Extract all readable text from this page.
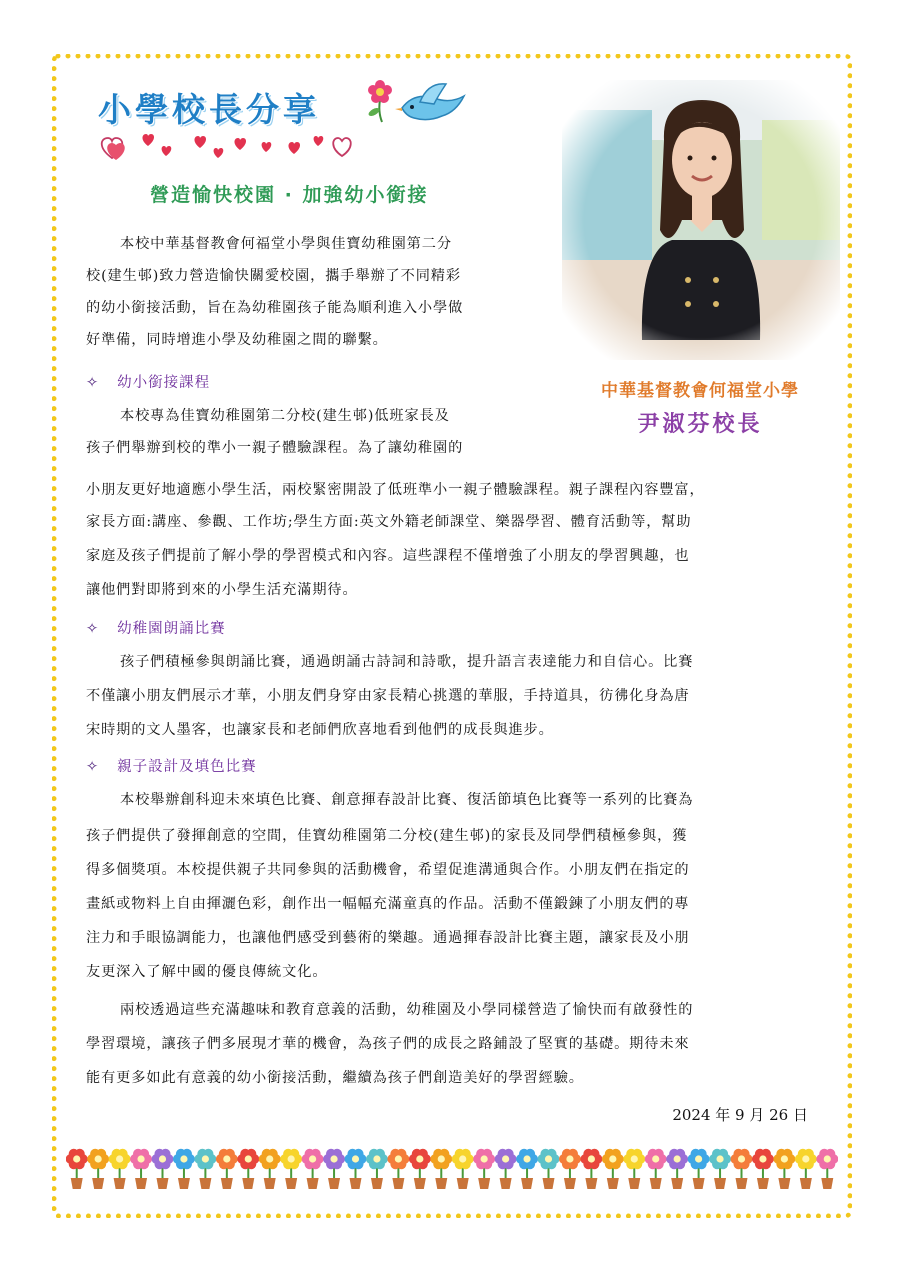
小學校長分享
營造愉快校園 · 加強幼小銜接

中華基督教會何福堂小學

尹淑芬校長

本校中華基督教會何福堂小學與佳寶幼稚園第二分

校(建生邨)致力營造愉快關愛校園，攜手舉辦了不同精彩

的幼小銜接活動，旨在為幼稚園孩子能為順利進入小學做

好準備，同時增進小學及幼稚園之間的聯繫。

✧ 幼小銜接課程

本校專為佳寶幼稚園第二分校(建生邨)低班家長及

孩子們舉辦到校的準小一親子體驗課程。為了讓幼稚園的

小朋友更好地適應小學生活，兩校緊密開設了低班準小一親子體驗課程。親子課程內容豐富，

家長方面:講座、參觀、工作坊;學生方面:英文外籍老師課堂、樂器學習、體育活動等，幫助

家庭及孩子們提前了解小學的學習模式和內容。這些課程不僅增強了小朋友的學習興趣，也

讓他們對即將到來的小學生活充滿期待。

✧ 幼稚園朗誦比賽

孩子們積極參與朗誦比賽，通過朗誦古詩詞和詩歌，提升語言表達能力和自信心。比賽

不僅讓小朋友們展示才華，小朋友們身穿由家長精心挑選的華服，手持道具，彷彿化身為唐

宋時期的文人墨客，也讓家長和老師們欣喜地看到他們的成長與進步。

✧ 親子設計及填色比賽

本校舉辦創科迎未來填色比賽、創意揮春設計比賽、復活節填色比賽等一系列的比賽為

孩子們提供了發揮創意的空間，佳寶幼稚園第二分校(建生邨)的家長及同學們積極參與，獲

得多個獎項。本校提供親子共同參與的活動機會，希望促進溝通與合作。小朋友們在指定的

畫紙或物料上自由揮灑色彩，創作出一幅幅充滿童真的作品。活動不僅鍛鍊了小朋友們的專

注力和手眼協調能力，也讓他們感受到藝術的樂趣。通過揮春設計比賽主題，讓家長及小朋

友更深入了解中國的優良傳統文化。

兩校透過這些充滿趣味和教育意義的活動，幼稚園及小學同樣營造了愉快而有啟發性的

學習環境，讓孩子們多展現才華的機會，為孩子們的成長之路鋪設了堅實的基礎。期待未來

能有更多如此有意義的幼小銜接活動，繼續為孩子們創造美好的學習經驗。

2024 年 9 月 26 日
